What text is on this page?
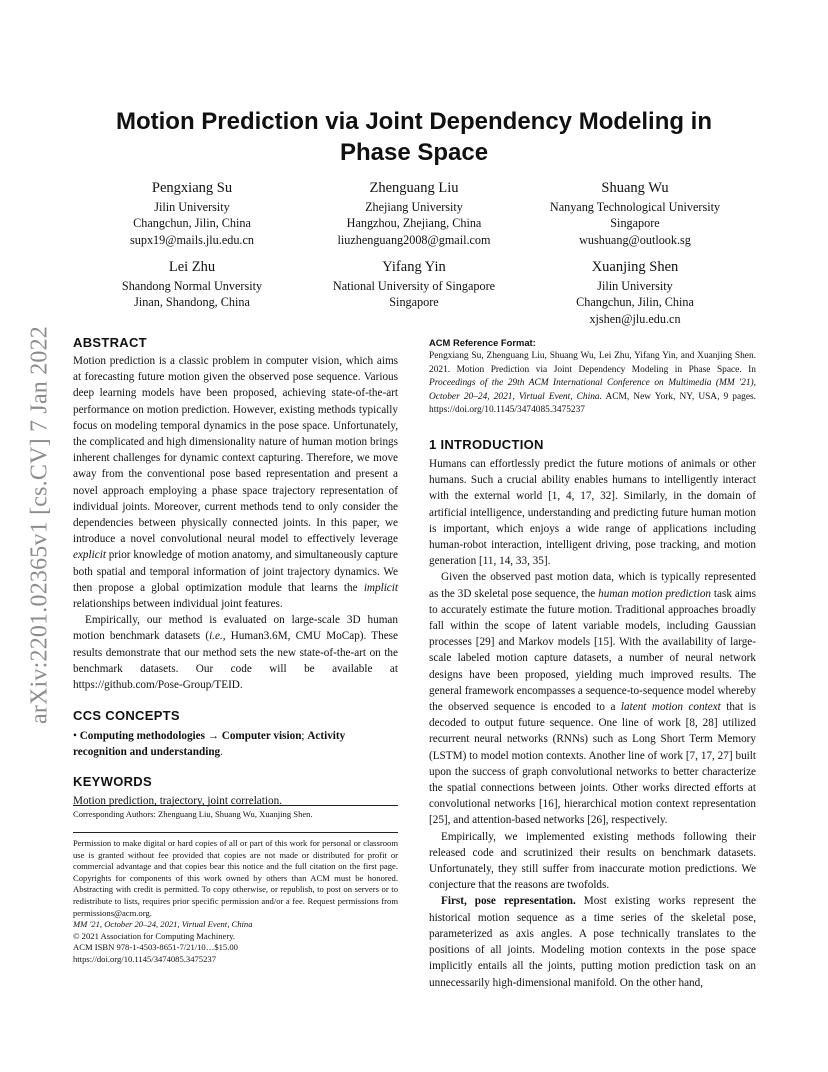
arXiv:2201.02365v1 [cs.CV] 7 Jan 2022
Motion Prediction via Joint Dependency Modeling in Phase Space
Pengxiang Su
Jilin University
Changchun, Jilin, China
supx19@mails.jlu.edu.cn
Zhenguang Liu
Zhejiang University
Hangzhou, Zhejiang, China
liuzhenguang2008@gmail.com
Shuang Wu
Nanyang Technological University
Singapore
wushuang@outlook.sg
Lei Zhu
Shandong Normal Unversity
Jinan, Shandong, China
Yifang Yin
National University of Singapore
Singapore
Xuanjing Shen
Jilin University
Changchun, Jilin, China
xjshen@jlu.edu.cn
ABSTRACT

Motion prediction is a classic problem in computer vision, which aims at forecasting future motion given the observed pose sequence. Various deep learning models have been proposed, achieving state-of-the-art performance on motion prediction. However, existing methods typically focus on modeling temporal dynamics in the pose space. Unfortunately, the complicated and high dimensionality nature of human motion brings inherent challenges for dynamic context capturing. Therefore, we move away from the conventional pose based representation and present a novel approach employing a phase space trajectory representation of individual joints. Moreover, current methods tend to only consider the dependencies between physically connected joints. In this paper, we introduce a novel convolutional neural model to effectively leverage explicit prior knowledge of motion anatomy, and simultaneously capture both spatial and temporal information of joint trajectory dynamics. We then propose a global optimization module that learns the implicit relationships between individual joint features.

Empirically, our method is evaluated on large-scale 3D human motion benchmark datasets (i.e., Human3.6M, CMU MoCap). These results demonstrate that our method sets the new state-of-the-art on the benchmark datasets. Our code will be available at https://github.com/Pose-Group/TEID.

CCS CONCEPTS

• Computing methodologies → Computer vision; Activity recognition and understanding.

KEYWORDS

Motion prediction, trajectory, joint correlation.

Corresponding Authors: Zhenguang Liu, Shuang Wu, Xuanjing Shen.

Permission to make digital or hard copies of all or part of this work for personal or classroom use is granted without fee provided that copies are not made or distributed for profit or commercial advantage and that copies bear this notice and the full citation on the first page. Copyrights for components of this work owned by others than ACM must be honored. Abstracting with credit is permitted. To copy otherwise, or republish, to post on servers or to redistribute to lists, requires prior specific permission and/or a fee. Request permissions from permissions@acm.org.

MM '21, October 20–24, 2021, Virtual Event, China

© 2021 Association for Computing Machinery.

ACM ISBN 978-1-4503-8651-7/21/10…$15.00

https://doi.org/10.1145/3474085.3475237

ACM Reference Format:

Pengxiang Su, Zhenguang Liu, Shuang Wu, Lei Zhu, Yifang Yin, and Xuanjing Shen. 2021. Motion Prediction via Joint Dependency Modeling in Phase Space. In Proceedings of the 29th ACM International Conference on Multimedia (MM '21), October 20–24, 2021, Virtual Event, China. ACM, New York, NY, USA, 9 pages. https://doi.org/10.1145/3474085.3475237

1 INTRODUCTION

Humans can effortlessly predict the future motions of animals or other humans. Such a crucial ability enables humans to intelligently interact with the external world [1, 4, 17, 32]. Similarly, in the domain of artificial intelligence, understanding and predicting future human motion is important, which enjoys a wide range of applications including human-robot interaction, intelligent driving, pose tracking, and motion generation [11, 14, 33, 35].

Given the observed past motion data, which is typically represented as the 3D skeletal pose sequence, the human motion prediction task aims to accurately estimate the future motion. Traditional approaches broadly fall within the scope of latent variable models, including Gaussian processes [29] and Markov models [15]. With the availability of large-scale labeled motion capture datasets, a number of neural network designs have been proposed, yielding much improved results. The general framework encompasses a sequence-to-sequence model whereby the observed sequence is encoded to a latent motion context that is decoded to output future sequence. One line of work [8, 28] utilized recurrent neural networks (RNNs) such as Long Short Term Memory (LSTM) to model motion contexts. Another line of work [7, 17, 27] built upon the success of graph convolutional networks to better characterize the spatial connections between joints. Other works directed efforts at convolutional networks [16], hierarchical motion context representation [25], and attention-based networks [26], respectively.

Empirically, we implemented existing methods following their released code and scrutinized their results on benchmark datasets. Unfortunately, they still suffer from inaccurate motion predictions. We conjecture that the reasons are twofolds.

First, pose representation. Most existing works represent the historical motion sequence as a time series of the skeletal pose, parameterized as axis angles. A pose technically translates to the positions of all joints. Modeling motion contexts in the pose space implicitly entails all the joints, putting motion prediction task on an unnecessarily high-dimensional manifold. On the other hand,
